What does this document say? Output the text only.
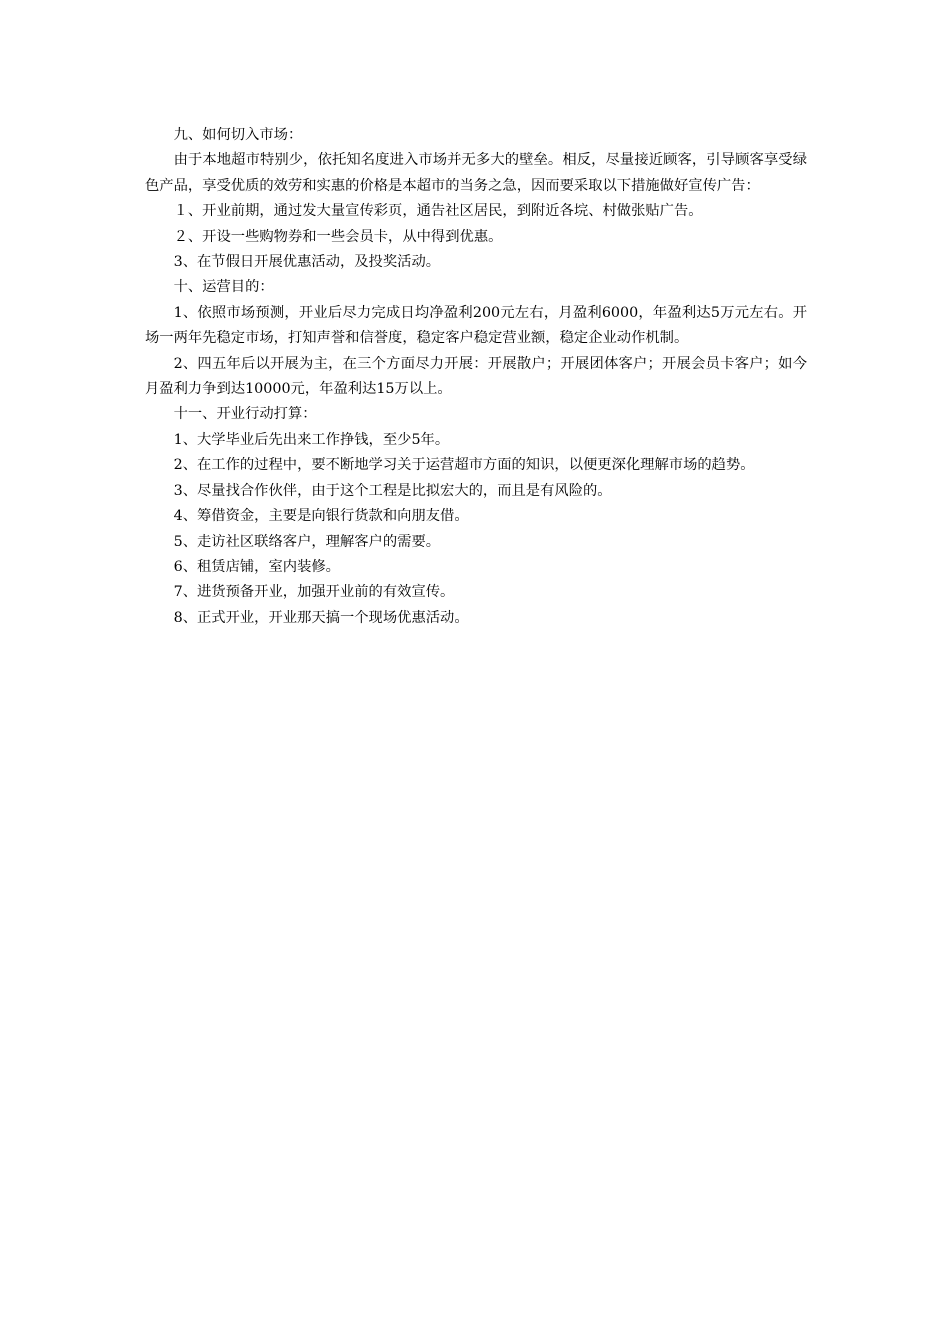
九、如何切入市场：

由于本地超市特别少，依托知名度进入市场并无多大的壁垒。相反，尽量接近顾客，引导顾客享受绿色产品，享受优质的效劳和实惠的价格是本超市的当务之急，因而要采取以下措施做好宣传广告：

１、开业前期，通过发大量宣传彩页，通告社区居民，到附近各垸、村做张贴广告。

２、开设一些购物券和一些会员卡，从中得到优惠。

3、在节假日开展优惠活动，及投奖活动。

十、运营目的：

1、依照市场预测，开业后尽力完成日均净盈利200元左右，月盈利6000，年盈利达5万元左右。开场一两年先稳定市场，打知声誉和信誉度，稳定客户稳定营业额，稳定企业动作机制。

2、四五年后以开展为主，在三个方面尽力开展：开展散户；开展团体客户；开展会员卡客户；如今月盈利力争到达10000元，年盈利达15万以上。

十一、开业行动打算：

1、大学毕业后先出来工作挣钱，至少5年。

2、在工作的过程中，要不断地学习关于运营超市方面的知识，以便更深化理解市场的趋势。

3、尽量找合作伙伴，由于这个工程是比拟宏大的，而且是有风险的。

4、筹借资金，主要是向银行货款和向朋友借。

5、走访社区联络客户，理解客户的需要。

6、租赁店铺，室内装修。

7、进货预备开业，加强开业前的有效宣传。

8、正式开业，开业那天搞一个现场优惠活动。
